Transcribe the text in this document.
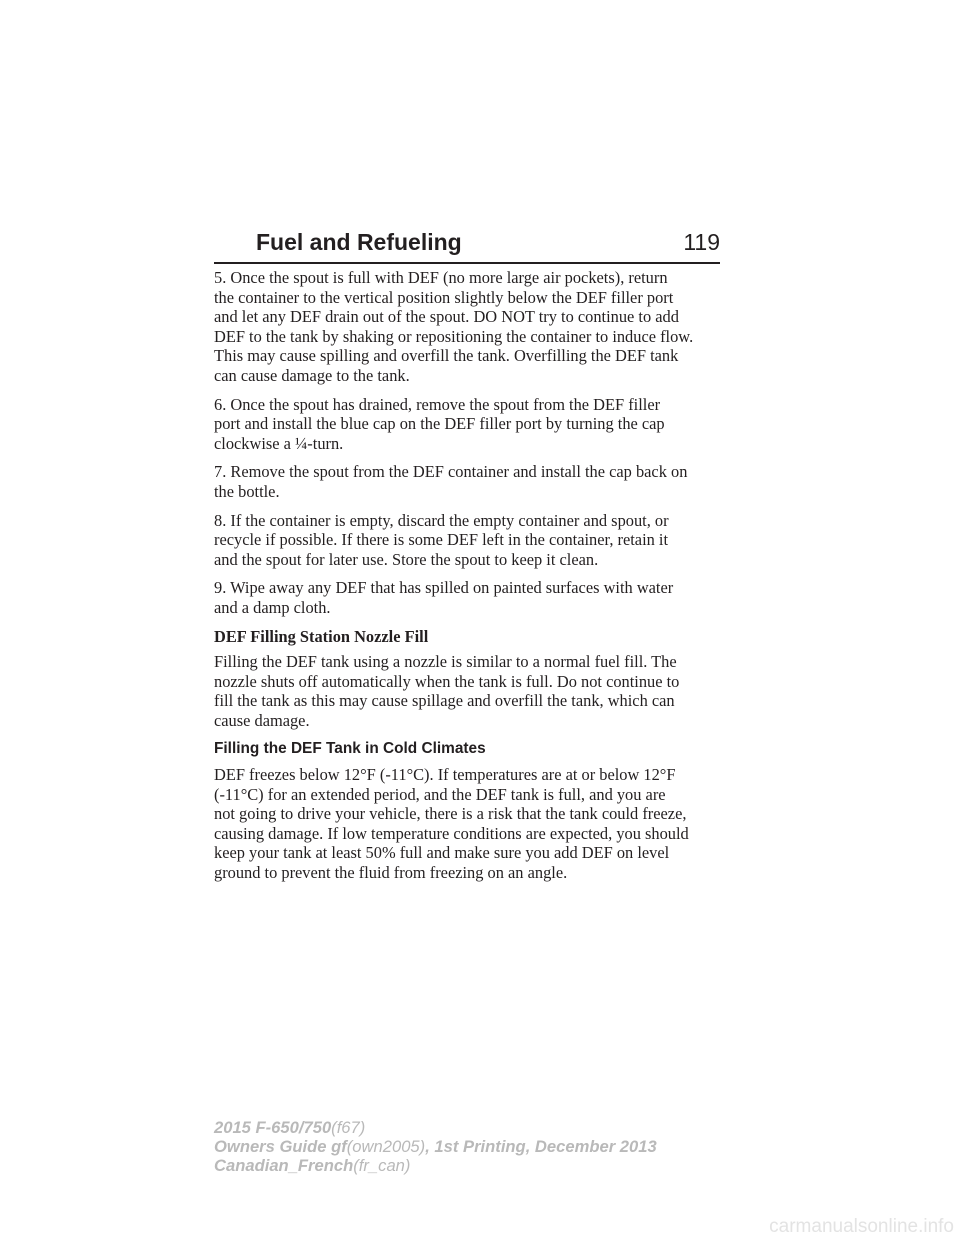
Fuel and Refueling	119

5. Once the spout is full with DEF (no more large air pockets), return
the container to the vertical position slightly below the DEF filler port
and let any DEF drain out of the spout. DO NOT try to continue to add
DEF to the tank by shaking or repositioning the container to induce flow.
This may cause spilling and overfill the tank. Overfilling the DEF tank
can cause damage to the tank.

6. Once the spout has drained, remove the spout from the DEF filler
port and install the blue cap on the DEF filler port by turning the cap
clockwise a ¼-turn.

7. Remove the spout from the DEF container and install the cap back on
the bottle.

8. If the container is empty, discard the empty container and spout, or
recycle if possible. If there is some DEF left in the container, retain it
and the spout for later use. Store the spout to keep it clean.

9. Wipe away any DEF that has spilled on painted surfaces with water
and a damp cloth.

DEF Filling Station Nozzle Fill

Filling the DEF tank using a nozzle is similar to a normal fuel fill. The
nozzle shuts off automatically when the tank is full. Do not continue to
fill the tank as this may cause spillage and overfill the tank, which can
cause damage.

Filling the DEF Tank in Cold Climates

DEF freezes below 12°F (-11°C). If temperatures are at or below 12°F
(-11°C) for an extended period, and the DEF tank is full, and you are
not going to drive your vehicle, there is a risk that the tank could freeze,
causing damage. If low temperature conditions are expected, you should
keep your tank at least 50% full and make sure you add DEF on level
ground to prevent the fluid from freezing on an angle.

2015 F-650/750(f67)
Owners Guide gf(own2005), 1st Printing, December 2013
Canadian_French(fr_can)
carmanualsonline.info
